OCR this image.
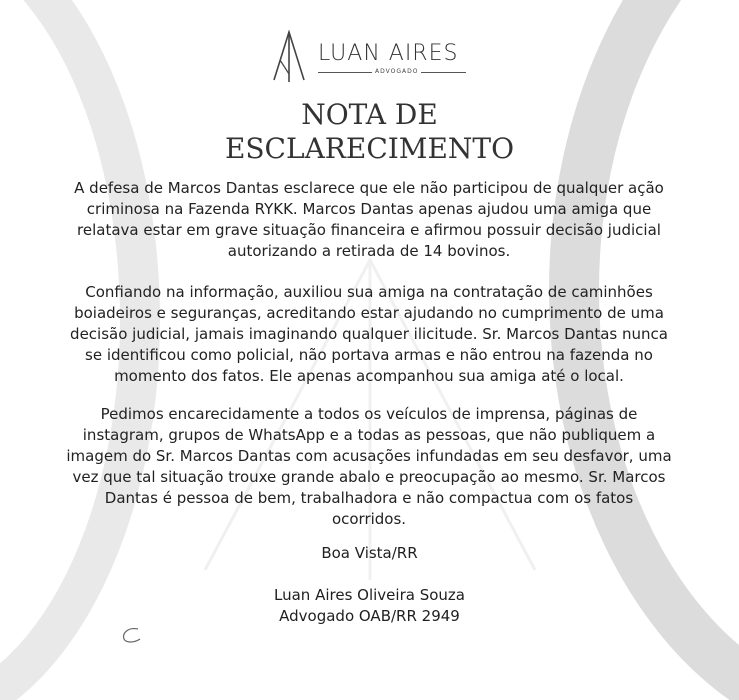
LUAN AIRES
ADVOGADO
NOTA DE
ESCLARECIMENTO
A defesa de Marcos Dantas esclarece que ele não participou de qualquer ação
criminosa na Fazenda RYKK. Marcos Dantas apenas ajudou uma amiga que
relatava estar em grave situação financeira e afirmou possuir decisão judicial
autorizando a retirada de 14 bovinos.
Confiando na informação, auxiliou sua amiga na contratação de caminhões
boiadeiros e seguranças, acreditando estar ajudando no cumprimento de uma
decisão judicial, jamais imaginando qualquer ilicitude. Sr. Marcos Dantas nunca
se identificou como policial, não portava armas e não entrou na fazenda no
momento dos fatos. Ele apenas acompanhou sua amiga até o local.
Pedimos encarecidamente a todos os veículos de imprensa, páginas de
instagram, grupos de WhatsApp e a todas as pessoas, que não publiquem a
imagem do Sr. Marcos Dantas com acusações infundadas em seu desfavor, uma
vez que tal situação trouxe grande abalo e preocupação ao mesmo. Sr. Marcos
Dantas é pessoa de bem, trabalhadora e não compactua com os fatos
ocorridos.
Boa Vista/RR
Luan Aires Oliveira Souza
Advogado OAB/RR 2949
